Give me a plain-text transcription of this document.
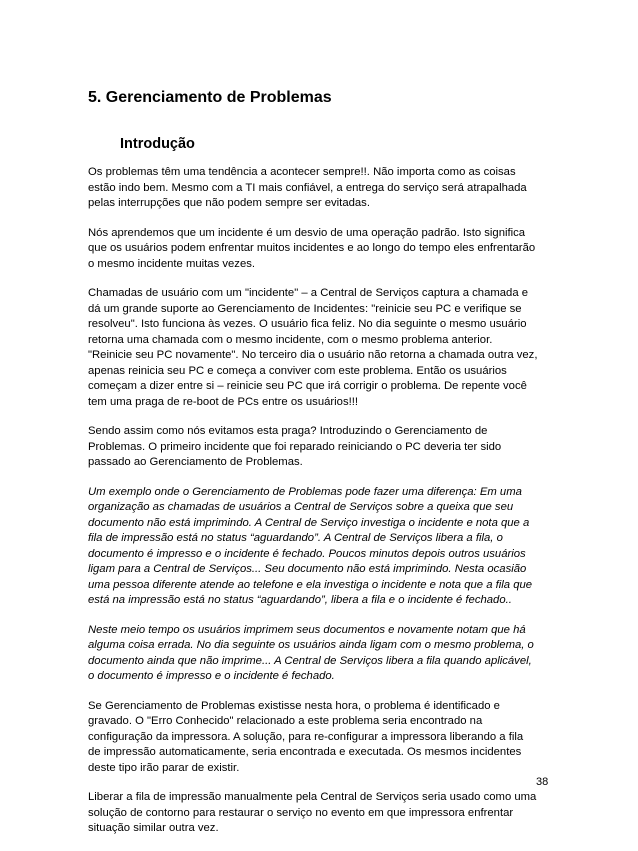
5. Gerenciamento de Problemas
Introdução
Os problemas têm uma tendência a acontecer sempre!!. Não importa como as coisas
estão indo bem. Mesmo com a TI mais confiável, a entrega do serviço será atrapalhada
pelas interrupções que não podem sempre ser evitadas.
Nós aprendemos que um incidente é um desvio de uma operação padrão. Isto significa
que os usuários podem enfrentar muitos incidentes e ao longo do tempo eles enfrentarão
o mesmo incidente muitas vezes.
Chamadas de usuário com um "incidente" – a Central de Serviços captura a chamada e
dá um grande suporte ao Gerenciamento de Incidentes: "reinicie seu PC e verifique se
resolveu". Isto funciona às vezes. O usuário fica feliz. No dia seguinte o mesmo usuário
retorna uma chamada com o mesmo incidente, com o mesmo problema anterior.
"Reinicie seu PC novamente". No terceiro dia o usuário não retorna a chamada outra vez,
apenas reinicia seu PC e começa a conviver com este problema. Então os usuários
começam a dizer entre si – reinicie seu PC que irá corrigir o problema. De repente você
tem uma praga de re-boot de PCs entre os usuários!!!
Sendo assim como nós evitamos esta praga? Introduzindo o Gerenciamento de
Problemas. O primeiro incidente que foi reparado reiniciando o PC deveria ter sido
passado ao Gerenciamento de Problemas.
Um exemplo onde o Gerenciamento de Problemas pode fazer uma diferença: Em uma
organização as chamadas de usuários a Central de Serviços sobre a queixa que seu
documento não está imprimindo. A Central de Serviço investiga o incidente e nota que a
fila de impressão está no status “aguardando”. A Central de Serviços libera a fila, o
documento é impresso e o incidente é fechado. Poucos minutos depois outros usuários
ligam para a Central de Serviços... Seu documento não está imprimindo. Nesta ocasião
uma pessoa diferente atende ao telefone e ela investiga o incidente e nota que a fila que
está na impressão está no status “aguardando”, libera a fila e o incidente é fechado..
Neste meio tempo os usuários imprimem seus documentos e novamente notam que há
alguma coisa errada. No dia seguinte os usuários ainda ligam com o mesmo problema, o
documento ainda que não imprime... A Central de Serviços libera a fila quando aplicável,
o documento é impresso e o incidente é fechado.
Se Gerenciamento de Problemas existisse nesta hora, o problema é identificado e
gravado. O "Erro Conhecido" relacionado a este problema seria encontrado na
configuração da impressora. A solução, para re-configurar a impressora liberando a fila
de impressão automaticamente, seria encontrada e executada. Os mesmos incidentes
deste tipo irão parar de existir.
Liberar a fila de impressão manualmente pela Central de Serviços seria usado como uma
solução de contorno para restaurar o serviço no evento em que impressora enfrentar
situação similar outra vez.
38
